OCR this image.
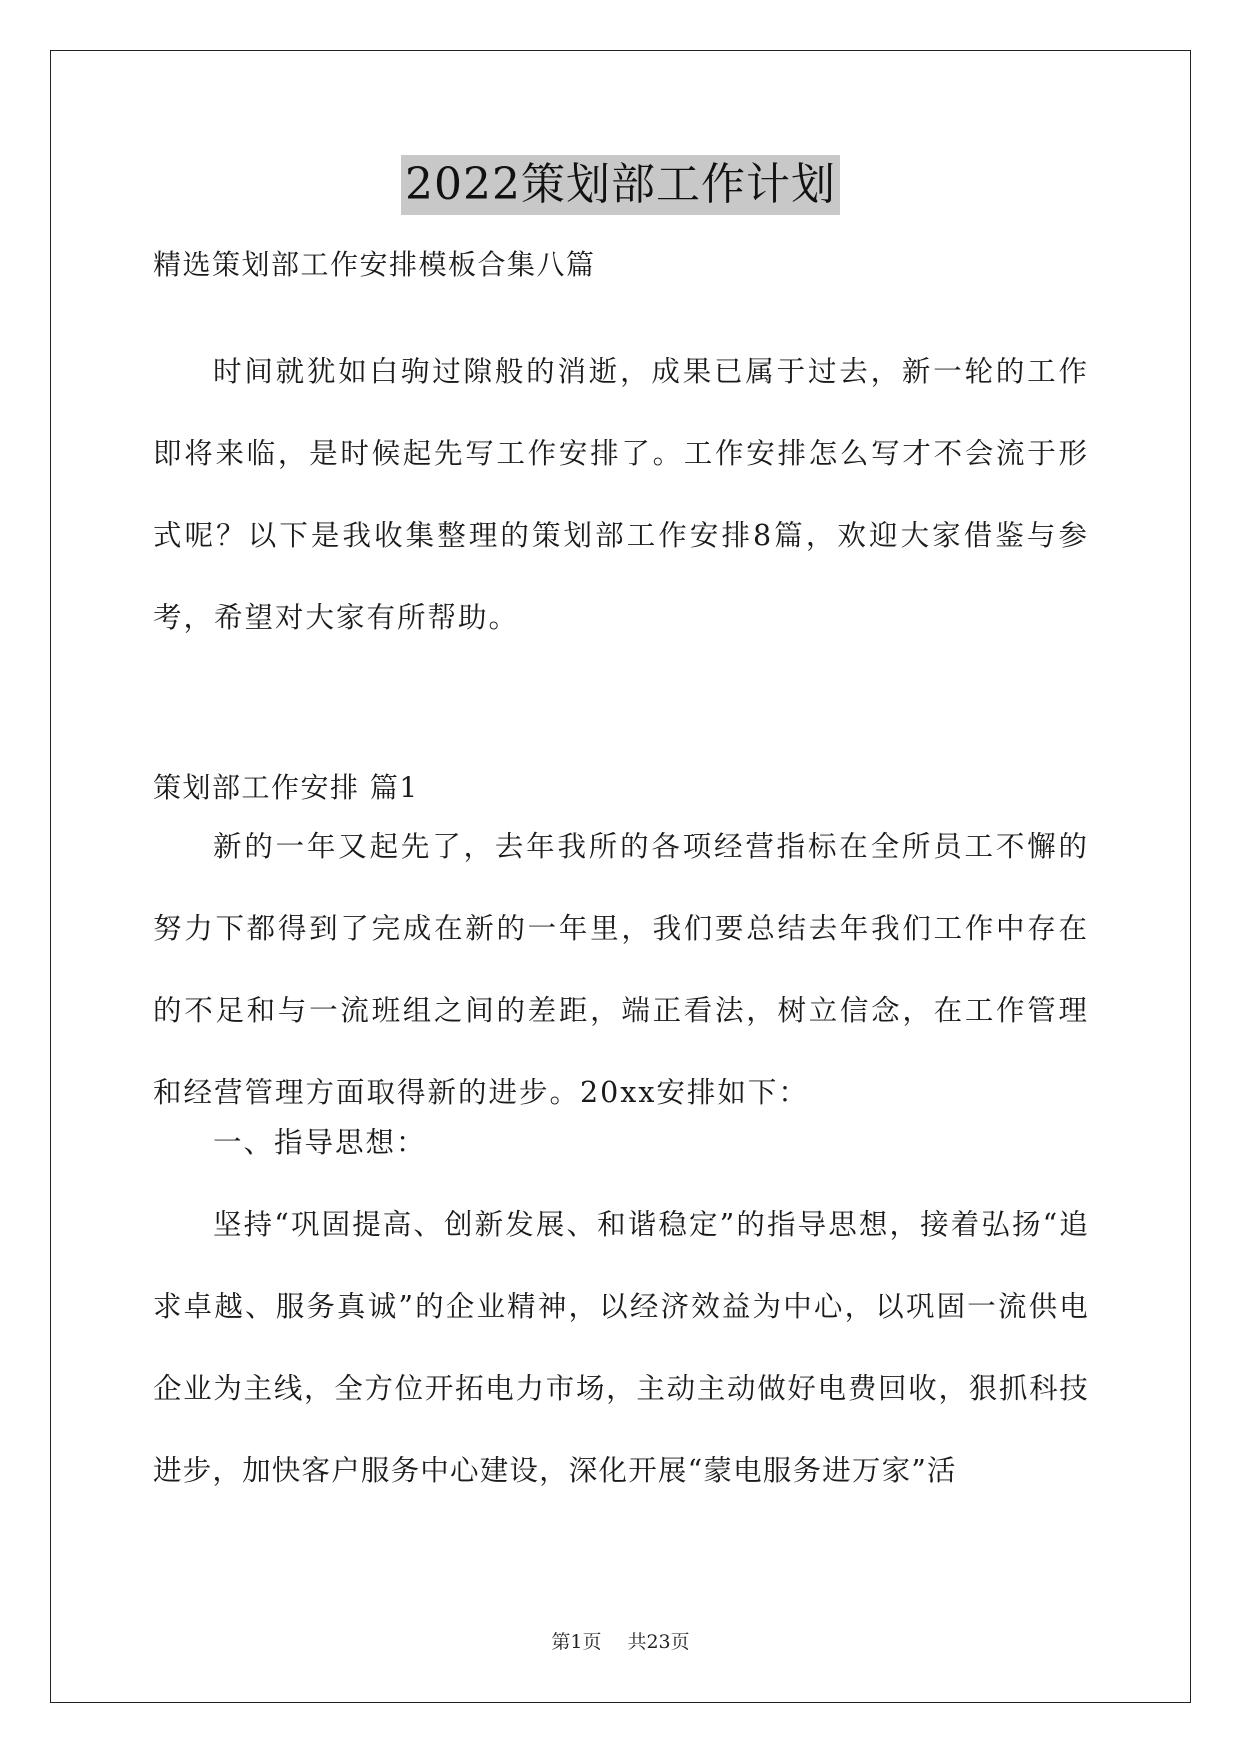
2022策划部工作计划
精选策划部工作安排模板合集八篇

时间就犹如白驹过隙般的消逝，成果已属于过去，新一轮的工作即将来临，是时候起先写工作安排了。工作安排怎么写才不会流于形式呢？以下是我收集整理的策划部工作安排8篇，欢迎大家借鉴与参考，希望对大家有所帮助。

策划部工作安排 篇1

新的一年又起先了，去年我所的各项经营指标在全所员工不懈的努力下都得到了完成在新的一年里，我们要总结去年我们工作中存在的不足和与一流班组之间的差距，端正看法，树立信念，在工作管理和经营管理方面取得新的进步。20xx安排如下：

一、指导思想：

坚持“巩固提高、创新发展、和谐稳定”的指导思想，接着弘扬“追求卓越、服务真诚”的企业精神，以经济效益为中心，以巩固一流供电企业为主线，全方位开拓电力市场，主动主动做好电费回收，狠抓科技进步，加快客户服务中心建设，深化开展“蒙电服务进万家”活

第1页 共23页
